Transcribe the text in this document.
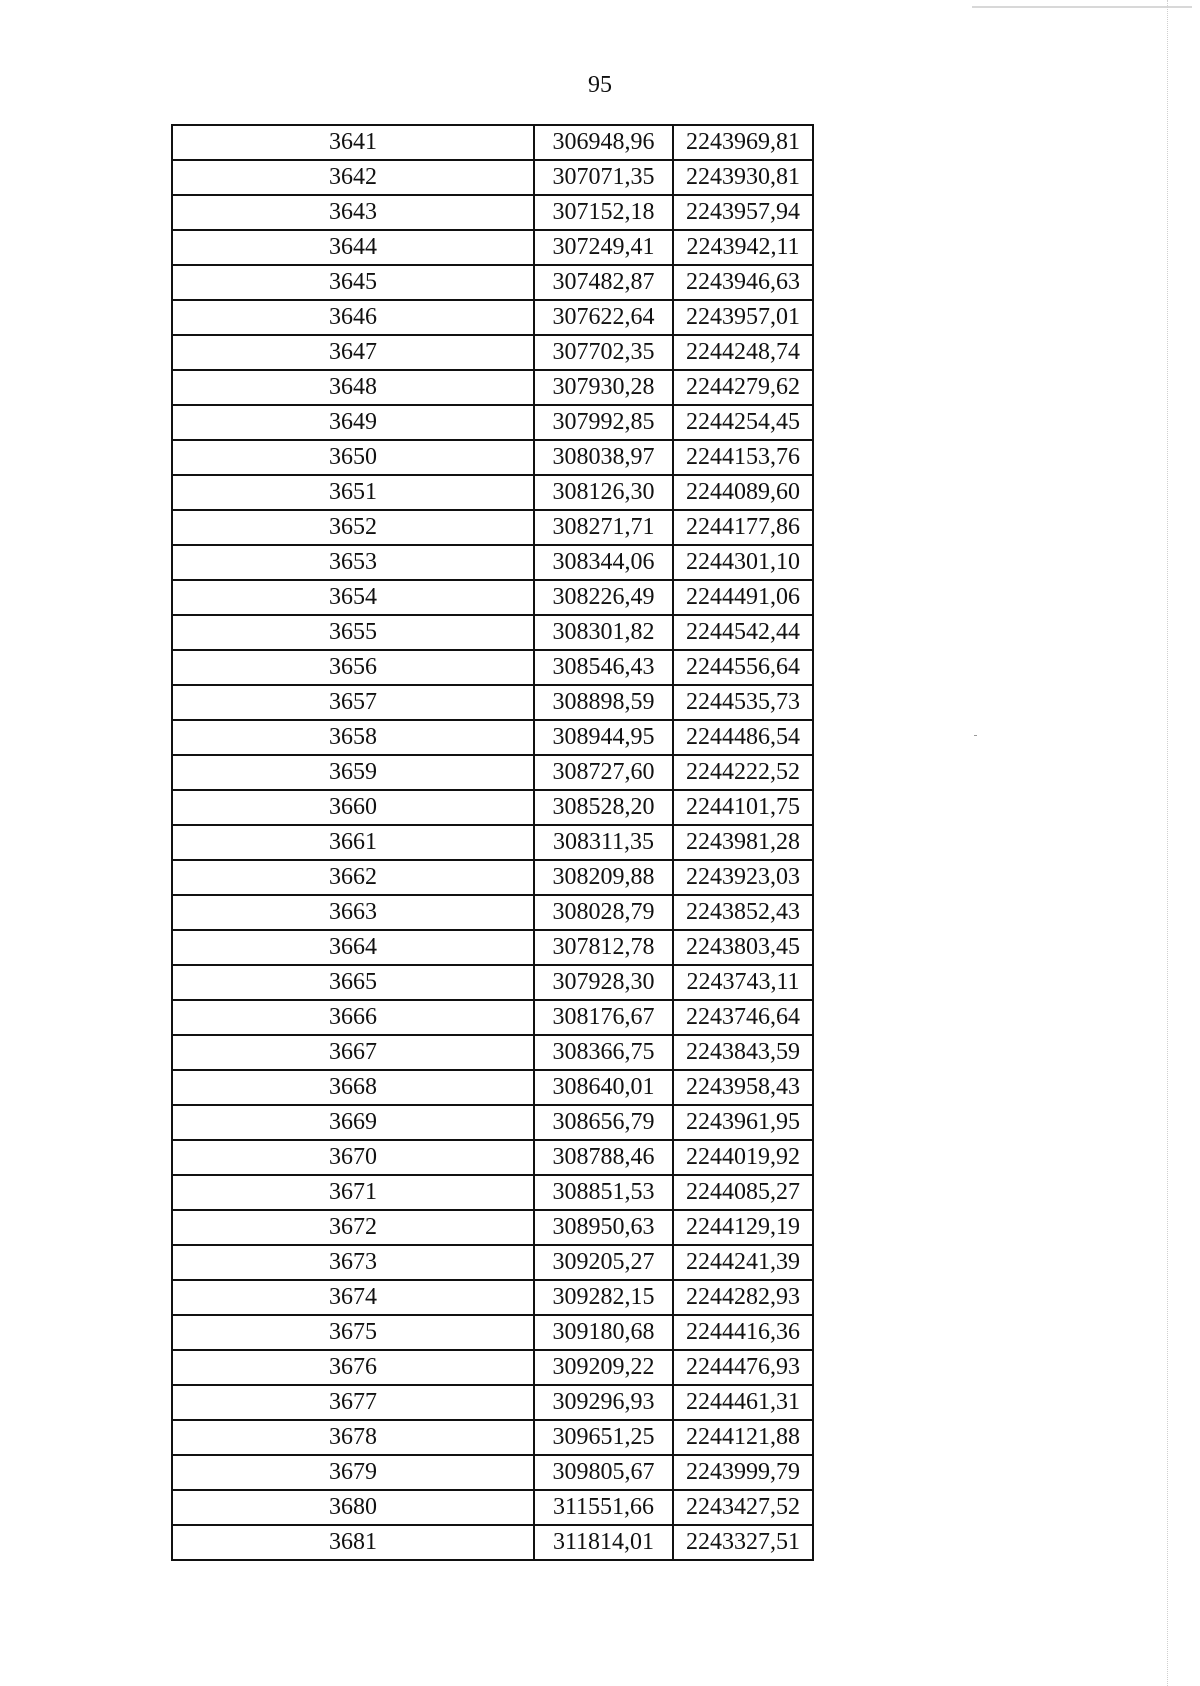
95
3641	306948,96	2243969,81
3642	307071,35	2243930,81
3643	307152,18	2243957,94
3644	307249,41	2243942,11
3645	307482,87	2243946,63
3646	307622,64	2243957,01
3647	307702,35	2244248,74
3648	307930,28	2244279,62
3649	307992,85	2244254,45
3650	308038,97	2244153,76
3651	308126,30	2244089,60
3652	308271,71	2244177,86
3653	308344,06	2244301,10
3654	308226,49	2244491,06
3655	308301,82	2244542,44
3656	308546,43	2244556,64
3657	308898,59	2244535,73
3658	308944,95	2244486,54
3659	308727,60	2244222,52
3660	308528,20	2244101,75
3661	308311,35	2243981,28
3662	308209,88	2243923,03
3663	308028,79	2243852,43
3664	307812,78	2243803,45
3665	307928,30	2243743,11
3666	308176,67	2243746,64
3667	308366,75	2243843,59
3668	308640,01	2243958,43
3669	308656,79	2243961,95
3670	308788,46	2244019,92
3671	308851,53	2244085,27
3672	308950,63	2244129,19
3673	309205,27	2244241,39
3674	309282,15	2244282,93
3675	309180,68	2244416,36
3676	309209,22	2244476,93
3677	309296,93	2244461,31
3678	309651,25	2244121,88
3679	309805,67	2243999,79
3680	311551,66	2243427,52
3681	311814,01	2243327,51
